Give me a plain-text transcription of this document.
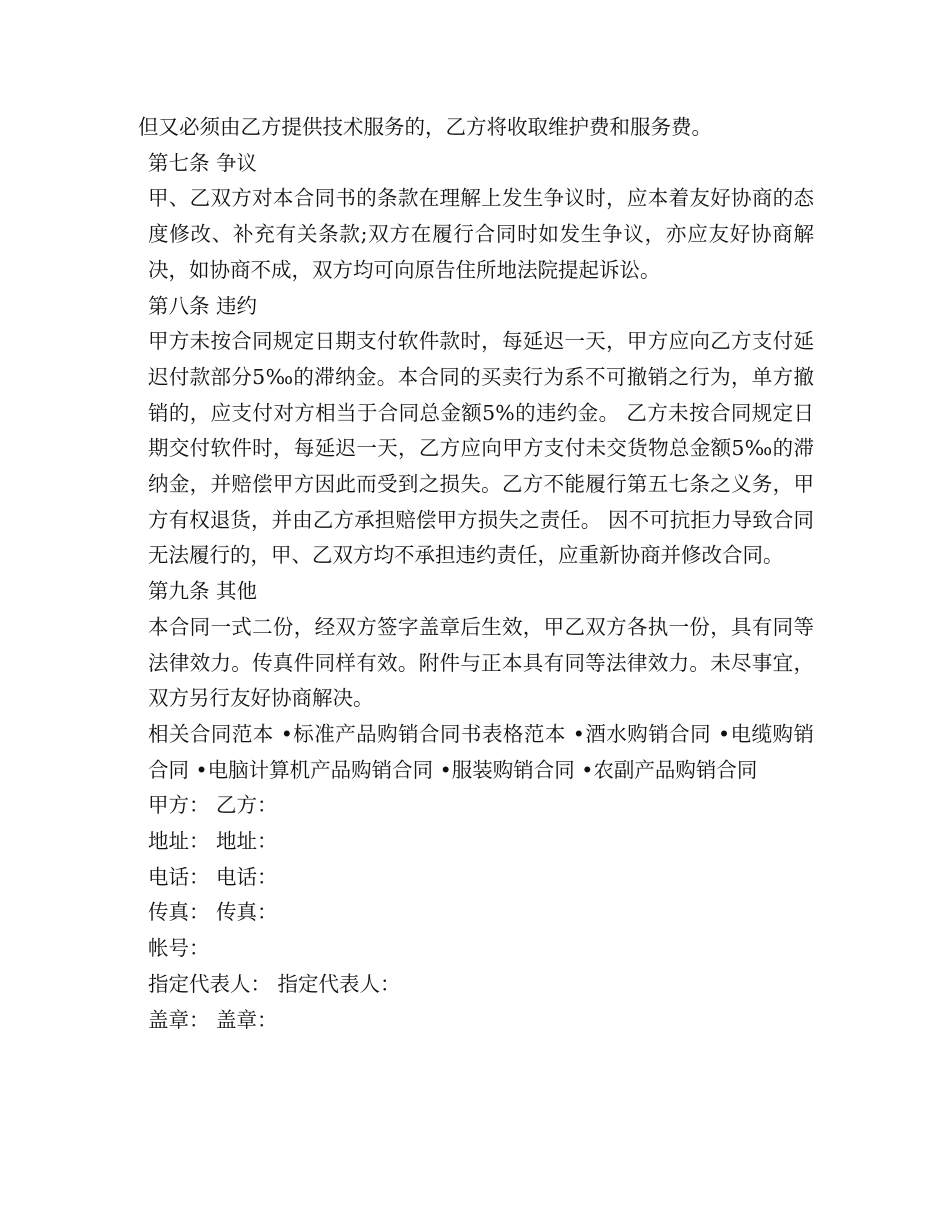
但又必须由乙方提供技术服务的，乙方将收取维护费和服务费。

第七条 争议

甲、乙双方对本合同书的条款在理解上发生争议时，应本着友好协商的态度修改、补充有关条款;双方在履行合同时如发生争议，亦应友好协商解决，如协商不成，双方均可向原告住所地法院提起诉讼。

第八条 违约

甲方未按合同规定日期支付软件款时，每延迟一天，甲方应向乙方支付延迟付款部分5‰的滞纳金。本合同的买卖行为系不可撤销之行为，单方撤销的，应支付对方相当于合同总金额5%的违约金。 乙方未按合同规定日期交付软件时，每延迟一天，乙方应向甲方支付未交货物总金额5‰的滞纳金，并赔偿甲方因此而受到之损失。乙方不能履行第五七条之义务，甲方有权退货，并由乙方承担赔偿甲方损失之责任。 因不可抗拒力导致合同无法履行的，甲、乙双方均不承担违约责任，应重新协商并修改合同。

第九条 其他

本合同一式二份，经双方签字盖章后生效，甲乙双方各执一份，具有同等法律效力。传真件同样有效。附件与正本具有同等法律效力。未尽事宜，双方另行友好协商解决。

相关合同范本 •标准产品购销合同书表格范本 •酒水购销合同 •电缆购销合同 •电脑计算机产品购销合同 •服装购销合同 •农副产品购销合同

甲方： 乙方：

地址： 地址：

电话： 电话：

传真： 传真：

帐号：

指定代表人： 指定代表人：

盖章： 盖章：
